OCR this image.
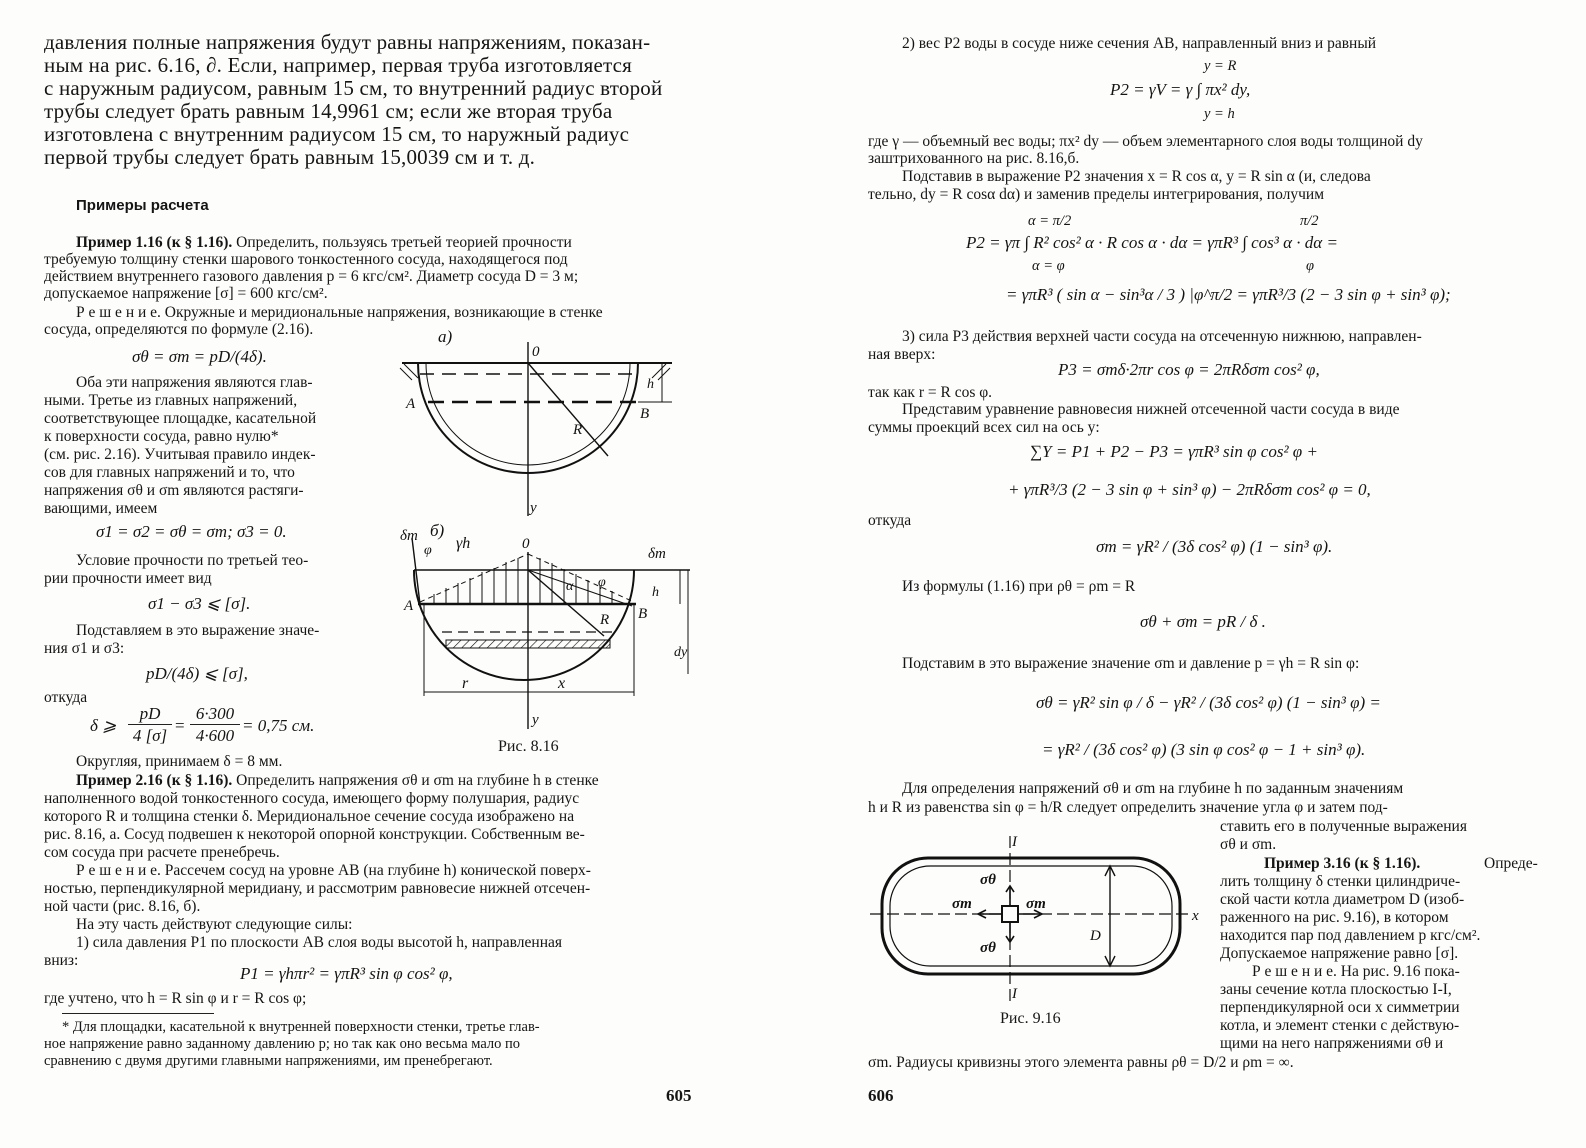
давления полные напряжения будут равны напряжениям, показан-
ным на рис. 6.16, ∂. Если, например, первая труба изготовляется
с наружным радиусом, равным 15 см, то внутренний радиус второй
трубы следует брать равным 14,9961 см; если же вторая труба
изготовлена с внутренним радиусом 15 см, то наружный радиус
первой трубы следует брать равным 15,0039 см и т. д.
Примеры расчета
Пример 1.16 (к § 1.16). Определить, пользуясь третьей теорией прочности
требуемую толщину стенки шарового тонкостенного сосуда, находящегося под
действием внутреннего газового давления p = 6 кгс/см². Диаметр сосуда D = 3 м;
допускаемое напряжение [σ] = 600 кгс/см².
Р е ш е н и е. Окружные и меридиональные напряжения, возникающие в стенке
сосуда, определяются по формуле (2.16).
σθ = σm = pD/(4δ).
Оба эти напряжения являются глав-
ными. Третье из главных напряжений,
соответствующее площадке, касательной
к поверхности сосуда, равно нулю*
(см. рис. 2.16). Учитывая правило индек-
сов для главных напряжений и то, что
напряжения σθ и σm являются растяги-
вающими, имеем
σ1 = σ2 = σθ = σm; σ3 = 0.
Условие прочности по третьей тео-
рии прочности имеет вид
σ1 − σ3 ⩽ [σ].
Подставляем в это выражение значе-
ния σ1 и σ3:
pD/(4δ) ⩽ [σ],
откуда
δ ⩾
pD
4 [σ]
=
6·300
4·600
= 0,75 см.
Округляя, принимаем δ = 8 мм.
а)
0
A
B
R
h
y
б)
δm
φ γh	0
δm
α φ
h
A	B
R
r	x
dy
y
Рис. 8.16
Пример 2.16 (к § 1.16). Определить напряжения σθ и σm на глубине h в стенке
наполненного водой тонкостенного сосуда, имеющего форму полушария, радиус
которого R и толщина стенки δ. Меридиональное сечение сосуда изображено на
рис. 8.16, а. Сосуд подвешен к некоторой опорной конструкции. Собственным ве-
сом сосуда при расчете пренебречь.
Р е ш е н и е. Рассечем сосуд на уровне AB (на глубине h) конической поверх-
ностью, перпендикулярной меридиану, и рассмотрим равновесие нижней отсечен-
ной части (рис. 8.16, б).
На эту часть действуют следующие силы:
1) сила давления P1 по плоскости AB слоя воды высотой h, направленная
вниз:
P1 = γhπr² = γπR³ sin φ cos² φ,
где учтено, что h = R sin φ и r = R cos φ;
* Для площадки, касательной к внутренней поверхности стенки, третье глав-
ное напряжение равно заданному давлению p; но так как оно весьма мало по
сравнению с двумя другими главными напряжениями, им пренебрегают.
605
2) вес P2 воды в сосуде ниже сечения AB, направленный вниз и равный
y = R
P2 = γV = γ ∫ πx² dy,
y = h
где γ — объемный вес воды; πx² dy — объем элементарного слоя воды толщиной dy
заштрихованного на рис. 8.16,б.
Подставив в выражение P2 значения x = R cos α, y = R sin α (и, следова
тельно, dy = R cosα dα) и заменив пределы интегрирования, получим
α = π/2	π/2
P2 = γπ ∫ R² cos² α · R cos α · dα = γπR³ ∫ cos³ α · dα =
α = φ	φ
= γπR³ ( sin α − sin³α / 3 ) |φ^π/2 = γπR³/3 (2 − 3 sin φ + sin³ φ);
3) сила P3 действия верхней части сосуда на отсеченную нижнюю, направлен-
ная вверх:
P3 = σmδ·2πr cos φ = 2πRδσm cos² φ,
так как r = R cos φ.
Представим уравнение равновесия нижней отсеченной части сосуда в виде
суммы проекций всех сил на ось y:
∑Y = P1 + P2 − P3 = γπR³ sin φ cos² φ +
+ γπR³/3 (2 − 3 sin φ + sin³ φ) − 2πRδσm cos² φ = 0,
откуда
σm = γR² / (3δ cos² φ) (1 − sin³ φ).
Из формулы (1.16) при ρθ = ρm = R
σθ + σm = pR / δ .
Подставим в это выражение значение σm и давление p = γh = R sin φ:
σθ = γR² sin φ / δ − γR² / (3δ cos² φ) (1 − sin³ φ) =
= γR² / (3δ cos² φ) (3 sin φ cos² φ − 1 + sin³ φ).
Для определения напряжений σθ и σm на глубине h по заданным значениям
h и R из равенства sin φ = h/R следует определить значение угла φ и затем под-
ставить его в полученные выражения
σθ и σm.
Пример 3.16 (к § 1.16).	Опреде-
лить толщину δ стенки цилиндриче-
ской части котла диаметром D (изоб-
раженного на рис. 9.16), в котором
находится пар под давлением p кгс/см².
Допускаемое напряжение равно [σ].
Р е ш е н и е. На рис. 9.16 пока-
заны сечение котла плоскостью I-I,
перпендикулярной оси x симметрии
котла, и элемент стенки с действую-
щими на него напряжениями σθ и
σm. Радиусы кривизны этого элемента равны ρθ = D/2 и ρm = ∞.
I
I
x
D
σθ
σθ
σm	σm
Рис. 9.16
606
